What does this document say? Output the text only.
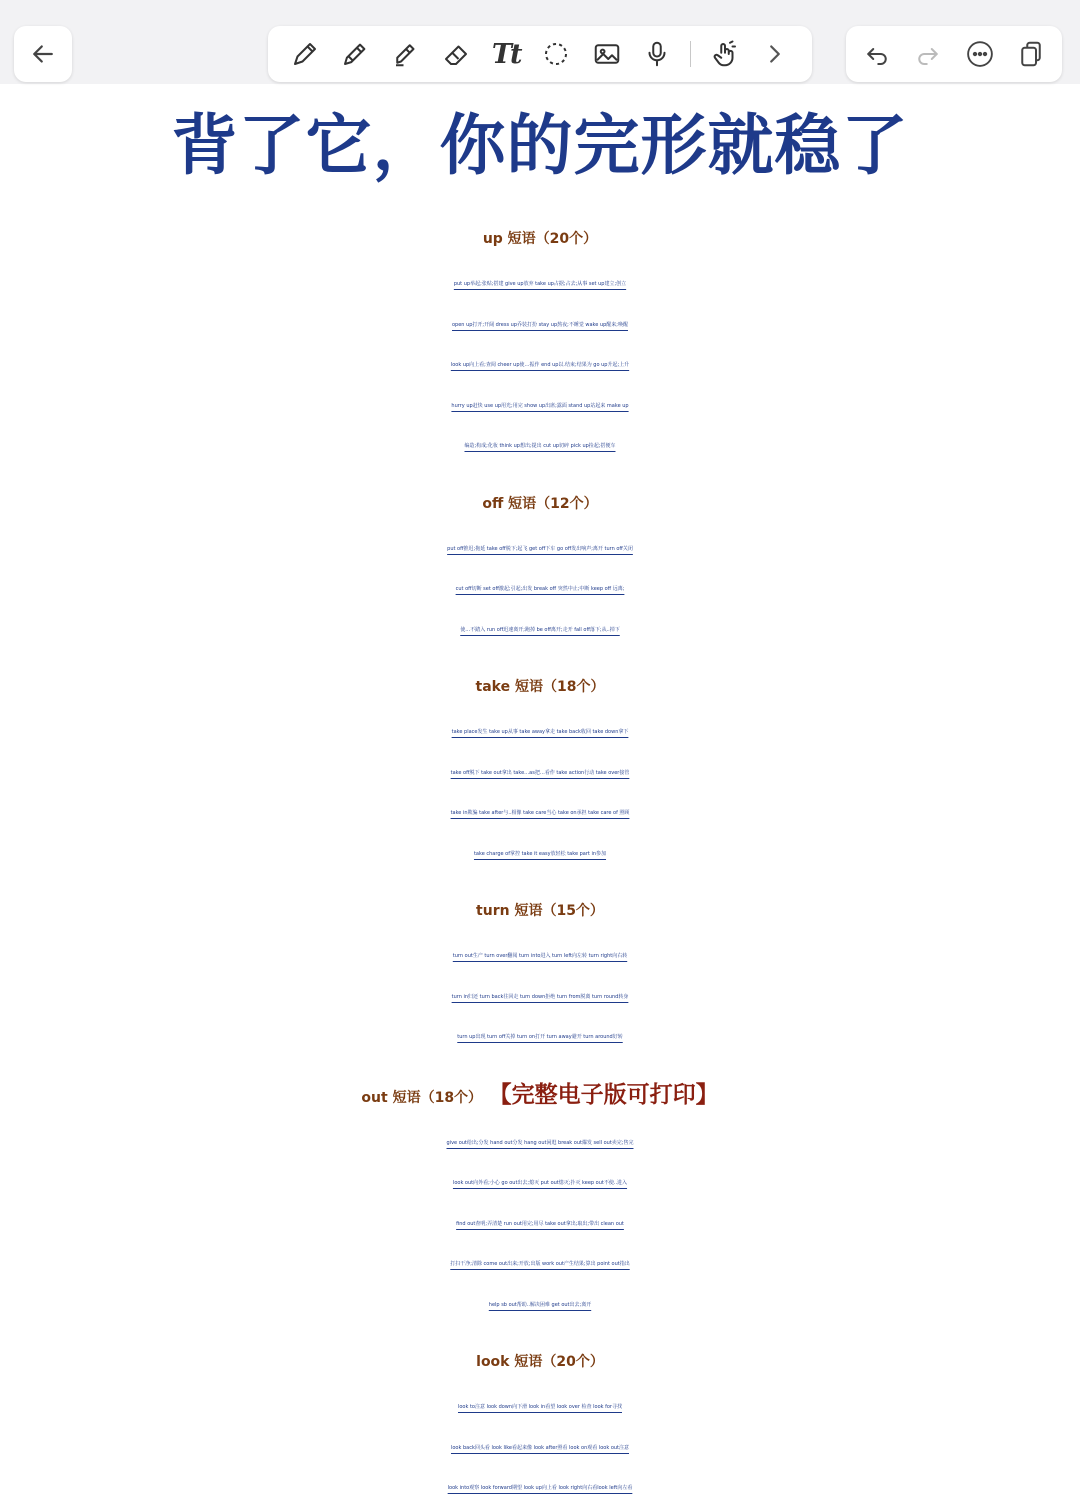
Tt
背了它，你的完形就稳了
up 短语（20个）
put up举起;张贴;搭建 give up放弃 take up占据;占去;从事 set up建立;创立
open up打开;开阔 dress up乔装打扮 stay up熬夜;不睡觉 wake up醒来;唤醒
look up向上看;查阅 cheer up使…振作 end up以.结束;结果为 go up升起;上升
hurry up赶快 use up用光;用完 show up出席;露面 stand up站起来 make up
编造;构成;化妆 think up想出;提出 cut up切碎 pick up捡起;搭便车
off 短语（12个）
put off推迟;拖延 take off脱下;起飞 get off下车 go off发出响声;离开 turn off关闭
cut off切断 set off激起;引起;出发 break off 突然中止;中断 keep off 远离;
使…不踏入 run off迅速离开;跑掉 be off离开;走开 fall off落下;从..掉下
take 短语（18个）
take place发生 take up从事 take away拿走 take back收回 take down拿下
take off脱下 take out拿出 take…as把…看作 take action行动 take over接管
take in欺骗 take after与..相像 take care当心 take on承担 take care of 照顾
take charge of掌控 take it easy放轻松 take part in参加
turn 短语（15个）
turn out生产 turn over翻阅 turn into进入 turn left向左转 turn right向右转
turn in归还 turn back往回走 turn down拒绝 turn from脱离 turn round转身
turn up出现 turn off关掉 turn on打开 turn away避开 turn around好转
out 短语（18个） 【完整电子版可打印】
give out给出;分发 hand out分发 hang out闲逛 break out爆发 sell out卖完;售完
look out向外看;小心 go out出去;熄灭 put out熄灭;扑灭 keep out不使..进入
find out查明;弄清楚 run out用完;用尽 take out拿出;取出;带出 clean out
打扫干净;清除 come out出来;开放;出版 work out产生结果;算出 point out指出
help sb out帮助..解决困难 get out出去;离开
look 短语（20个）
look to注意 look down向下滑 look in看望 look over 检查 look for寻找
look back回头看 look like看起来像 look after照看 look on观看 look out注意
look into观察 look forward期望 look up向上看 look right向右看look left向左看
